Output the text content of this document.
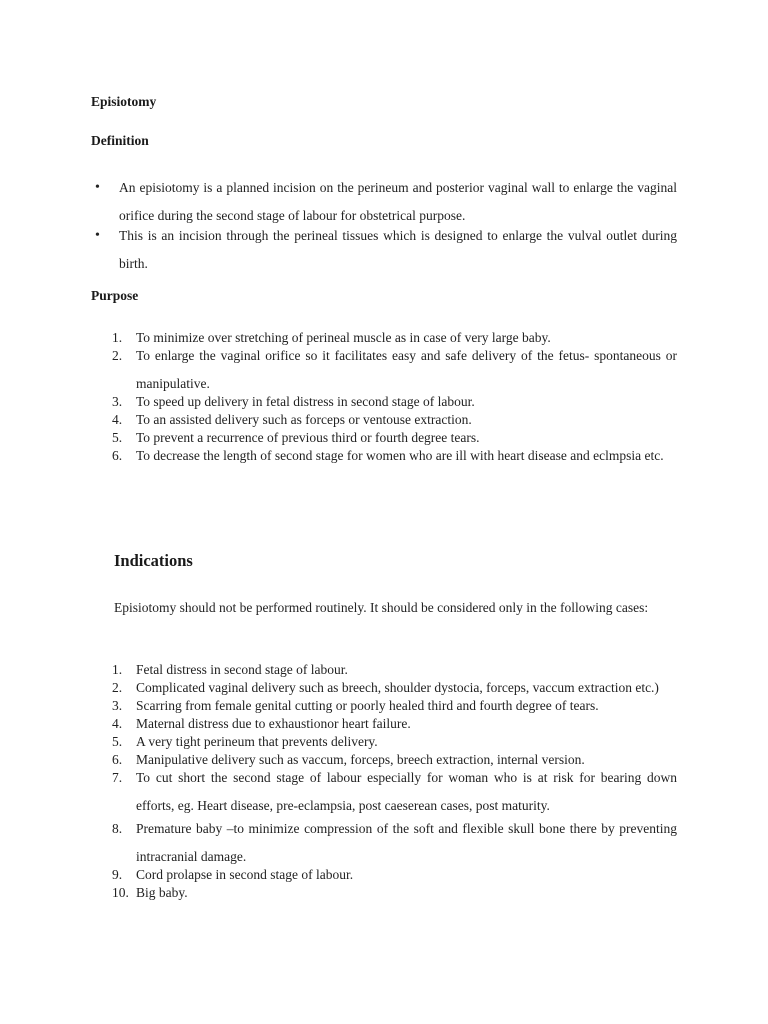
Episiotomy
Definition
• An episiotomy is a planned incision on the perineum and posterior vaginal wall to enlarge the vaginal orifice during the second stage of labour for obstetrical purpose.
• This is an incision through the perineal tissues which is designed to enlarge the vulval outlet during birth.
Purpose
1. To minimize over stretching of perineal muscle as in case of very large baby.
2. To enlarge the vaginal orifice so it facilitates easy and safe delivery of the fetus- spontaneous or manipulative.
3. To speed up delivery in fetal distress in second stage of labour.
4. To an assisted delivery such as forceps or ventouse extraction.
5. To prevent a recurrence of previous third or fourth degree tears.
6. To decrease the length of second stage for women who are ill with heart disease and eclmpsia etc.
Indications
Episiotomy should not be performed routinely. It should be considered only in the following cases:
1. Fetal distress in second stage of labour.
2. Complicated vaginal delivery such as breech, shoulder dystocia, forceps, vaccum extraction etc.)
3. Scarring from female genital cutting or poorly healed third and fourth degree of tears.
4. Maternal distress due to exhaustionor heart failure.
5. A very tight perineum that prevents delivery.
6. Manipulative delivery such as vaccum, forceps, breech extraction, internal version.
7. To cut short the second stage of labour especially for woman who is at risk for bearing down efforts, eg. Heart disease, pre-eclampsia, post caeserean cases, post maturity.
8. Premature baby –to minimize compression of the soft and flexible skull bone there by preventing intracranial damage.
9. Cord prolapse in second stage of labour.
10. Big baby.
